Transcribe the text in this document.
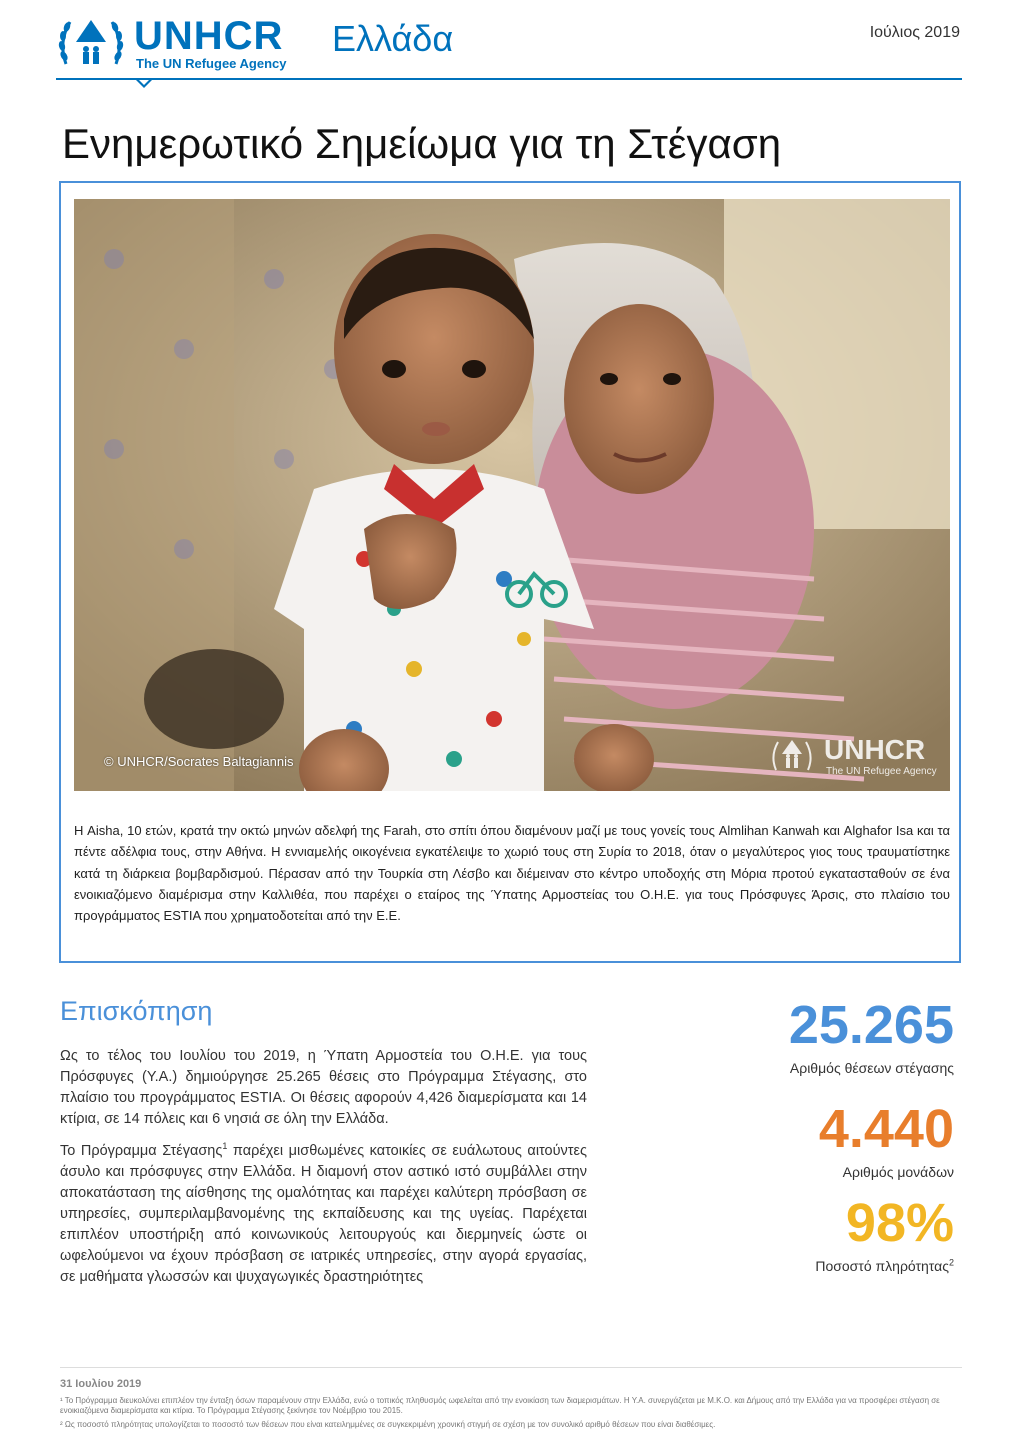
UNHCR
The UN Refugee Agency
Ελλάδα	Ιούλιος 2019
Ενημερωτικό Σημείωμα για τη Στέγαση
© UNHCR/Socrates Baltagiannis	UNHCR
The UN Refugee Agency
Η Aisha, 10 ετών, κρατά την οκτώ μηνών αδελφή της Farah, στο σπίτι όπου διαμένουν μαζί με τους γονείς τους Almlihan Kanwah και Alghafor Isa και τα πέντε αδέλφια τους, στην Αθήνα. Η εννιαμελής οικογένεια εγκατέλειψε το χωριό τους στη Συρία το 2018, όταν ο μεγαλύτερος γιος τους τραυματίστηκε κατά τη διάρκεια βομβαρδισμού. Πέρασαν από την Τουρκία στη Λέσβο και διέμειναν στο κέντρο υποδοχής στη Μόρια προτού εγκατασταθούν σε ένα ενοικιαζόμενο διαμέρισμα στην Καλλιθέα, που παρέχει ο εταίρος της Ύπατης Αρμοστείας του Ο.Η.Ε. για τους Πρόσφυγες Άρσις, στο πλαίσιο του προγράμματος ESTIA που χρηματοδοτείται από την Ε.Ε.
Επισκόπηση

Ως το τέλος του Ιουλίου του 2019, η Ύπατη Αρμοστεία του Ο.Η.Ε. για τους Πρόσφυγες (Υ.Α.) δημιούργησε 25.265 θέσεις στο Πρόγραμμα Στέγασης, στο πλαίσιο του προγράμματος ESTIA. Οι θέσεις αφορούν 4,426 διαμερίσματα και 14 κτίρια, σε 14 πόλεις και 6 νησιά σε όλη την Ελλάδα.

Το Πρόγραμμα Στέγασης$^1$ παρέχει μισθωμένες κατοικίες σε ευάλωτους αιτούντες άσυλο και πρόσφυγες στην Ελλάδα. Η διαμονή στον αστικό ιστό συμβάλλει στην αποκατάσταση της αίσθησης της ομαλότητας και παρέχει καλύτερη πρόσβαση σε υπηρεσίες, συμπεριλαμβανομένης της εκπαίδευσης και της υγείας. Παρέχεται επιπλέον υποστήριξη από κοινωνικούς λειτουργούς και διερμηνείς ώστε οι ωφελούμενοι να έχουν πρόσβαση σε ιατρικές υπηρεσίες, στην αγορά εργασίας, σε μαθήματα γλωσσών και ψυχαγωγικές δραστηριότητες

25.265
Αριθμός θέσεων στέγασης
4.440
Αριθμός μονάδων
98%
Ποσοστό πληρότητας$^2$
31 Ιουλίου 2019
¹ Το Πρόγραμμα διευκολύνει επιπλέον την ένταξη όσων παραμένουν στην Ελλάδα, ενώ ο τοπικός πληθυσμός ωφελείται από την ενοικίαση των διαμερισμάτων. Η Υ.Α. συνεργάζεται με Μ.Κ.Ο. και Δήμους από την Ελλάδα για να προσφέρει στέγαση σε ενοικιαζόμενα διαμερίσματα και κτίρια. Το Πρόγραμμα Στέγασης ξεκίνησε τον Νοέμβριο του 2015.
² Ως ποσοστό πληρότητας υπολογίζεται το ποσοστό των θέσεων που είναι κατειλημμένες σε συγκεκριμένη χρονική στιγμή σε σχέση με τον συνολικό αριθμό θέσεων που είναι διαθέσιμες.
